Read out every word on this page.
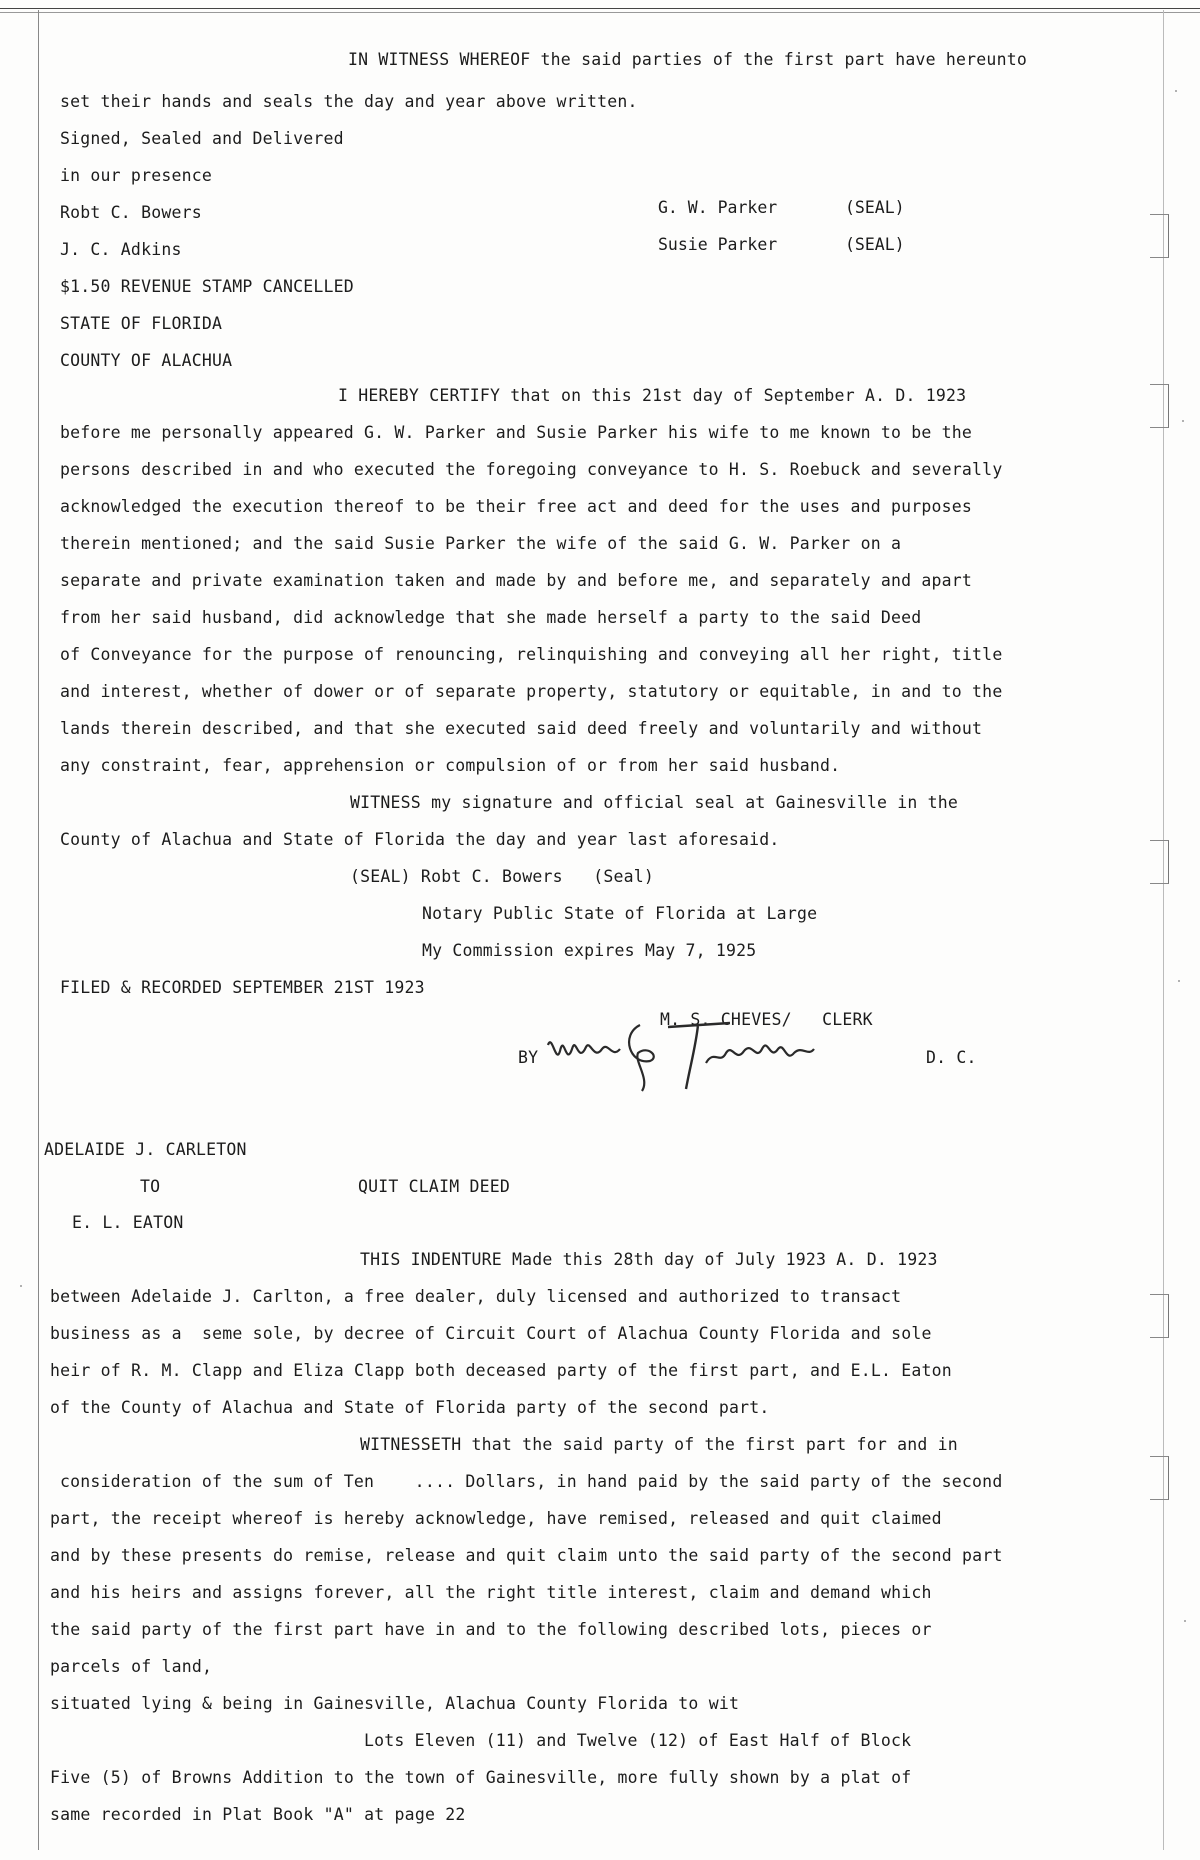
IN WITNESS WHEREOF the said parties of the first part have hereunto
set their hands and seals the day and year above written.
Signed, Sealed and Delivered
in our presence
Robt C. Bowers
J. C. Adkins
G. W. Parker	(SEAL)
Susie Parker	(SEAL)
$1.50 REVENUE STAMP CANCELLED
STATE OF FLORIDA
COUNTY OF ALACHUA
I HEREBY CERTIFY that on this 21st day of September A. D. 1923
before me personally appeared G. W. Parker and Susie Parker his wife to me known to be the
persons described in and who executed the foregoing conveyance to H. S. Roebuck and severally
acknowledged the execution thereof to be their free act and deed for the uses and purposes
therein mentioned; and the said Susie Parker the wife of the said G. W. Parker on a
separate and private examination taken and made by and before me, and separately and apart
from her said husband, did acknowledge that she made herself a party to the said Deed
of Conveyance for the purpose of renouncing, relinquishing and conveying all her right, title
and interest, whether of dower or of separate property, statutory or equitable, in and to the
lands therein described, and that she executed said deed freely and voluntarily and without
any constraint, fear, apprehension or compulsion of or from her said husband.
WITNESS my signature and official seal at Gainesville in the
County of Alachua and State of Florida the day and year last aforesaid.
(SEAL) Robt C. Bowers   (Seal)
Notary Public State of Florida at Large
My Commission expires May 7, 1925
FILED & RECORDED SEPTEMBER 21ST 1923
M. S. CHEVES/   CLERK
BY	D. C.
ADELAIDE J. CARLETON
TO	QUIT CLAIM DEED
E. L. EATON
THIS INDENTURE Made this 28th day of July 1923 A. D. 1923
between Adelaide J. Carlton, a free dealer, duly licensed and authorized to transact
business as a  seme sole, by decree of Circuit Court of Alachua County Florida and sole
heir of R. M. Clapp and Eliza Clapp both deceased party of the first part, and E.L. Eaton
of the County of Alachua and State of Florida party of the second part.
WITNESSETH that the said party of the first part for and in
consideration of the sum of Ten    .... Dollars, in hand paid by the said party of the second
part, the receipt whereof is hereby acknowledge, have remised, released and quit claimed
and by these presents do remise, release and quit claim unto the said party of the second part
and his heirs and assigns forever, all the right title interest, claim and demand which
the said party of the first part have in and to the following described lots, pieces or
parcels of land,
situated lying & being in Gainesville, Alachua County Florida to wit
Lots Eleven (11) and Twelve (12) of East Half of Block
Five (5) of Browns Addition to the town of Gainesville, more fully shown by a plat of
same recorded in Plat Book "A" at page 22
